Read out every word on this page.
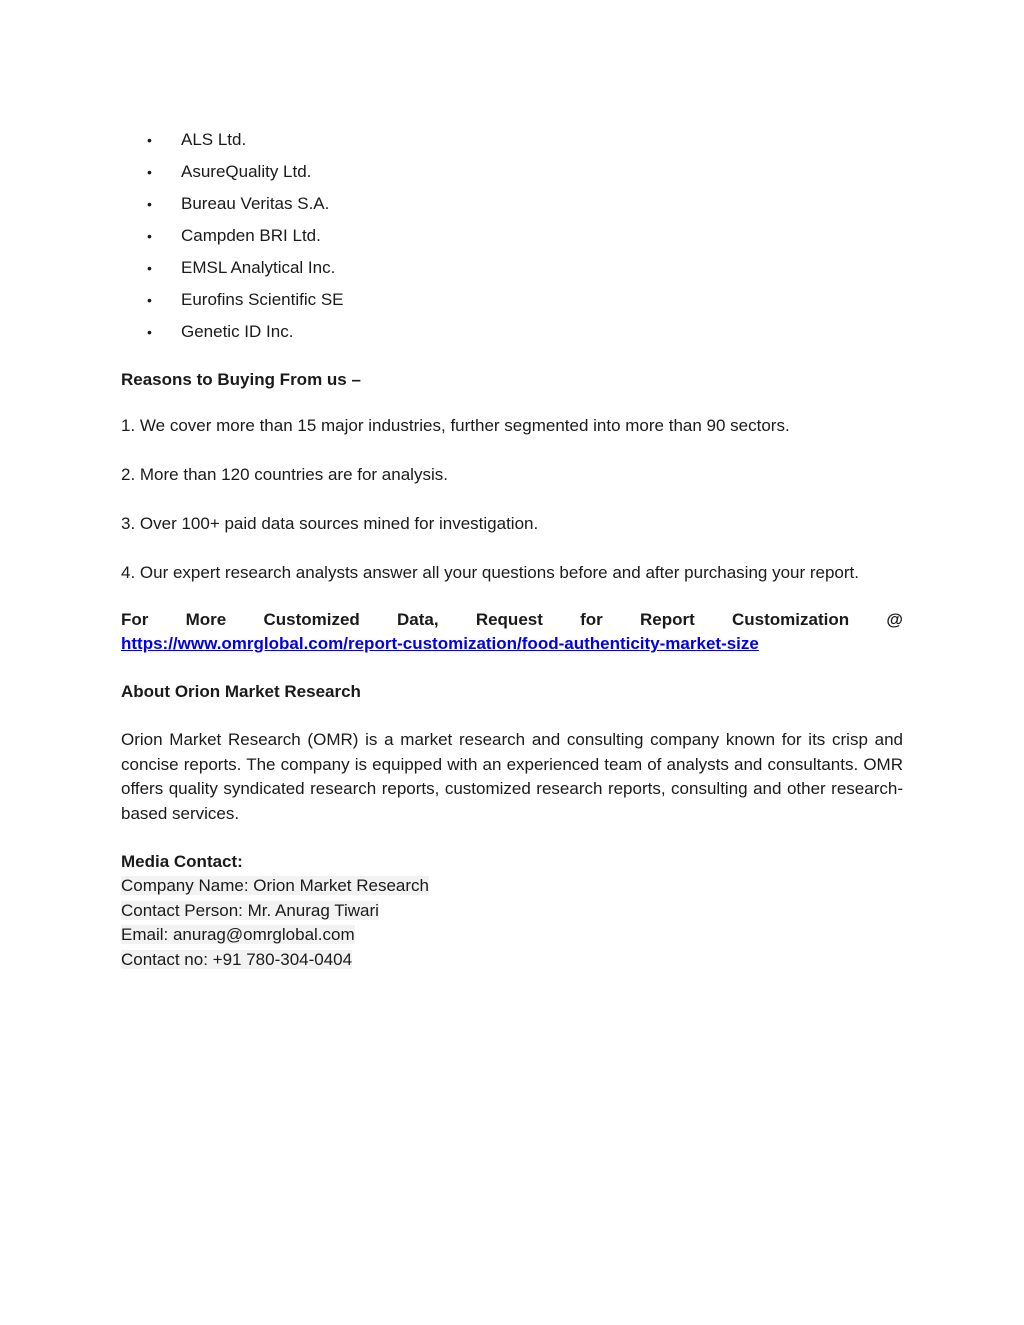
• ALS Ltd.
• AsureQuality Ltd.
• Bureau Veritas S.A.
• Campden BRI Ltd.
• EMSL Analytical Inc.
• Eurofins Scientific SE
• Genetic ID Inc.

Reasons to Buying From us –

1. We cover more than 15 major industries, further segmented into more than 90 sectors.
2. More than 120 countries are for analysis.
3. Over 100+ paid data sources mined for investigation.
4. Our expert research analysts answer all your questions before and after purchasing your report.
For More Customized Data, Request for Report Customization @
https://www.omrglobal.com/report-customization/food-authenticity-market-size

About Orion Market Research

Orion Market Research (OMR) is a market research and consulting company known for its crisp and concise reports. The company is equipped with an experienced team of analysts and consultants. OMR offers quality syndicated research reports, customized research reports, consulting and other research-based services.

Media Contact:

Company Name: Orion Market Research
Contact Person: Mr. Anurag Tiwari
Email: anurag@omrglobal.com
Contact no: +91 780-304-0404
